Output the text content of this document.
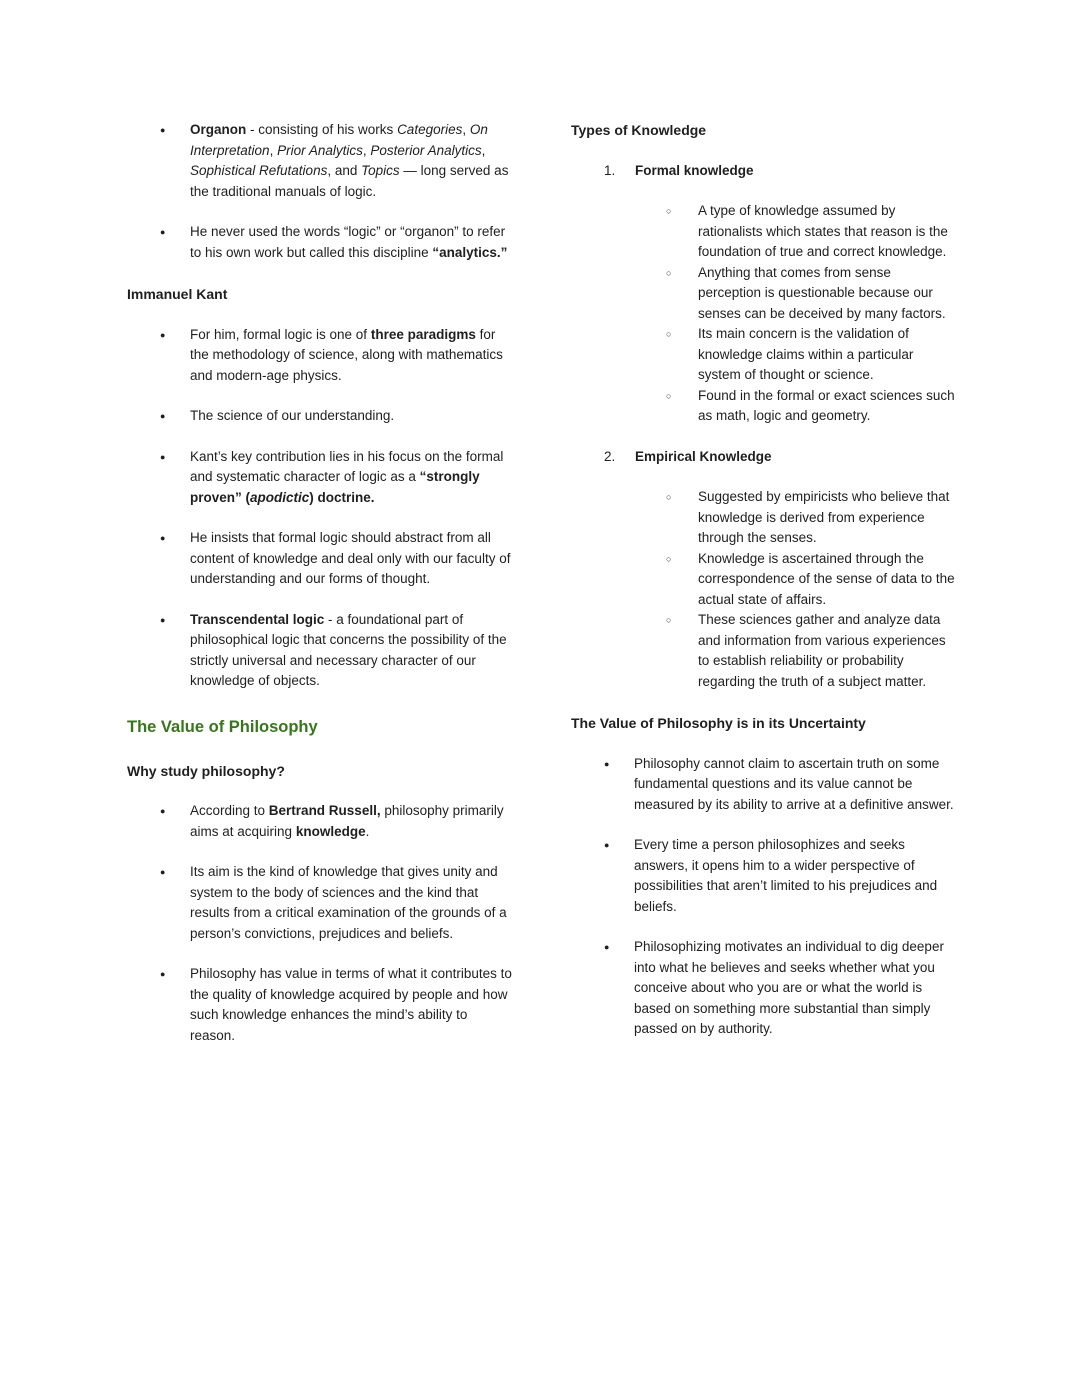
●	Organon - consisting of his works Categories, On Interpretation, Prior Analytics, Posterior Analytics, Sophistical Refutations, and Topics — long served as the traditional manuals of logic.
●	He never used the words “logic” or “organon” to refer to his own work but called this discipline “analytics.”
Immanuel Kant
●	For him, formal logic is one of three paradigms for the methodology of science, along with mathematics and modern-age physics.
●	The science of our understanding.
●	Kant’s key contribution lies in his focus on the formal and systematic character of logic as a “strongly proven” (apodictic) doctrine.
●	He insists that formal logic should abstract from all content of knowledge and deal only with our faculty of understanding and our forms of thought.
●	Transcendental logic - a foundational part of philosophical logic that concerns the possibility of the strictly universal and necessary character of our knowledge of objects.
The Value of Philosophy
Why study philosophy?
●	According to Bertrand Russell, philosophy primarily aims at acquiring knowledge.
●	Its aim is the kind of knowledge that gives unity and system to the body of sciences and the kind that results from a critical examination of the grounds of a person’s convictions, prejudices and beliefs.
●	Philosophy has value in terms of what it contributes to the quality of knowledge acquired by people and how such knowledge enhances the mind’s ability to reason.
Types of Knowledge
1.	Formal knowledge
○	A type of knowledge assumed by rationalists which states that reason is the foundation of true and correct knowledge.
○	Anything that comes from sense perception is questionable because our senses can be deceived by many factors.
○	Its main concern is the validation of knowledge claims within a particular system of thought or science.
○	Found in the formal or exact sciences such as math, logic and geometry.
2.	Empirical Knowledge
○	Suggested by empiricists who believe that knowledge is derived from experience through the senses.
○	Knowledge is ascertained through the correspondence of the sense of data to the actual state of affairs.
○	These sciences gather and analyze data and information from various experiences to establish reliability or probability regarding the truth of a subject matter.
The Value of Philosophy is in its Uncertainty
●	Philosophy cannot claim to ascertain truth on some fundamental questions and its value cannot be measured by its ability to arrive at a definitive answer.
●	Every time a person philosophizes and seeks answers, it opens him to a wider perspective of possibilities that aren’t limited to his prejudices and beliefs.
●	Philosophizing motivates an individual to dig deeper into what he believes and seeks whether what you conceive about who you are or what the world is based on something more substantial than simply passed on by authority.
